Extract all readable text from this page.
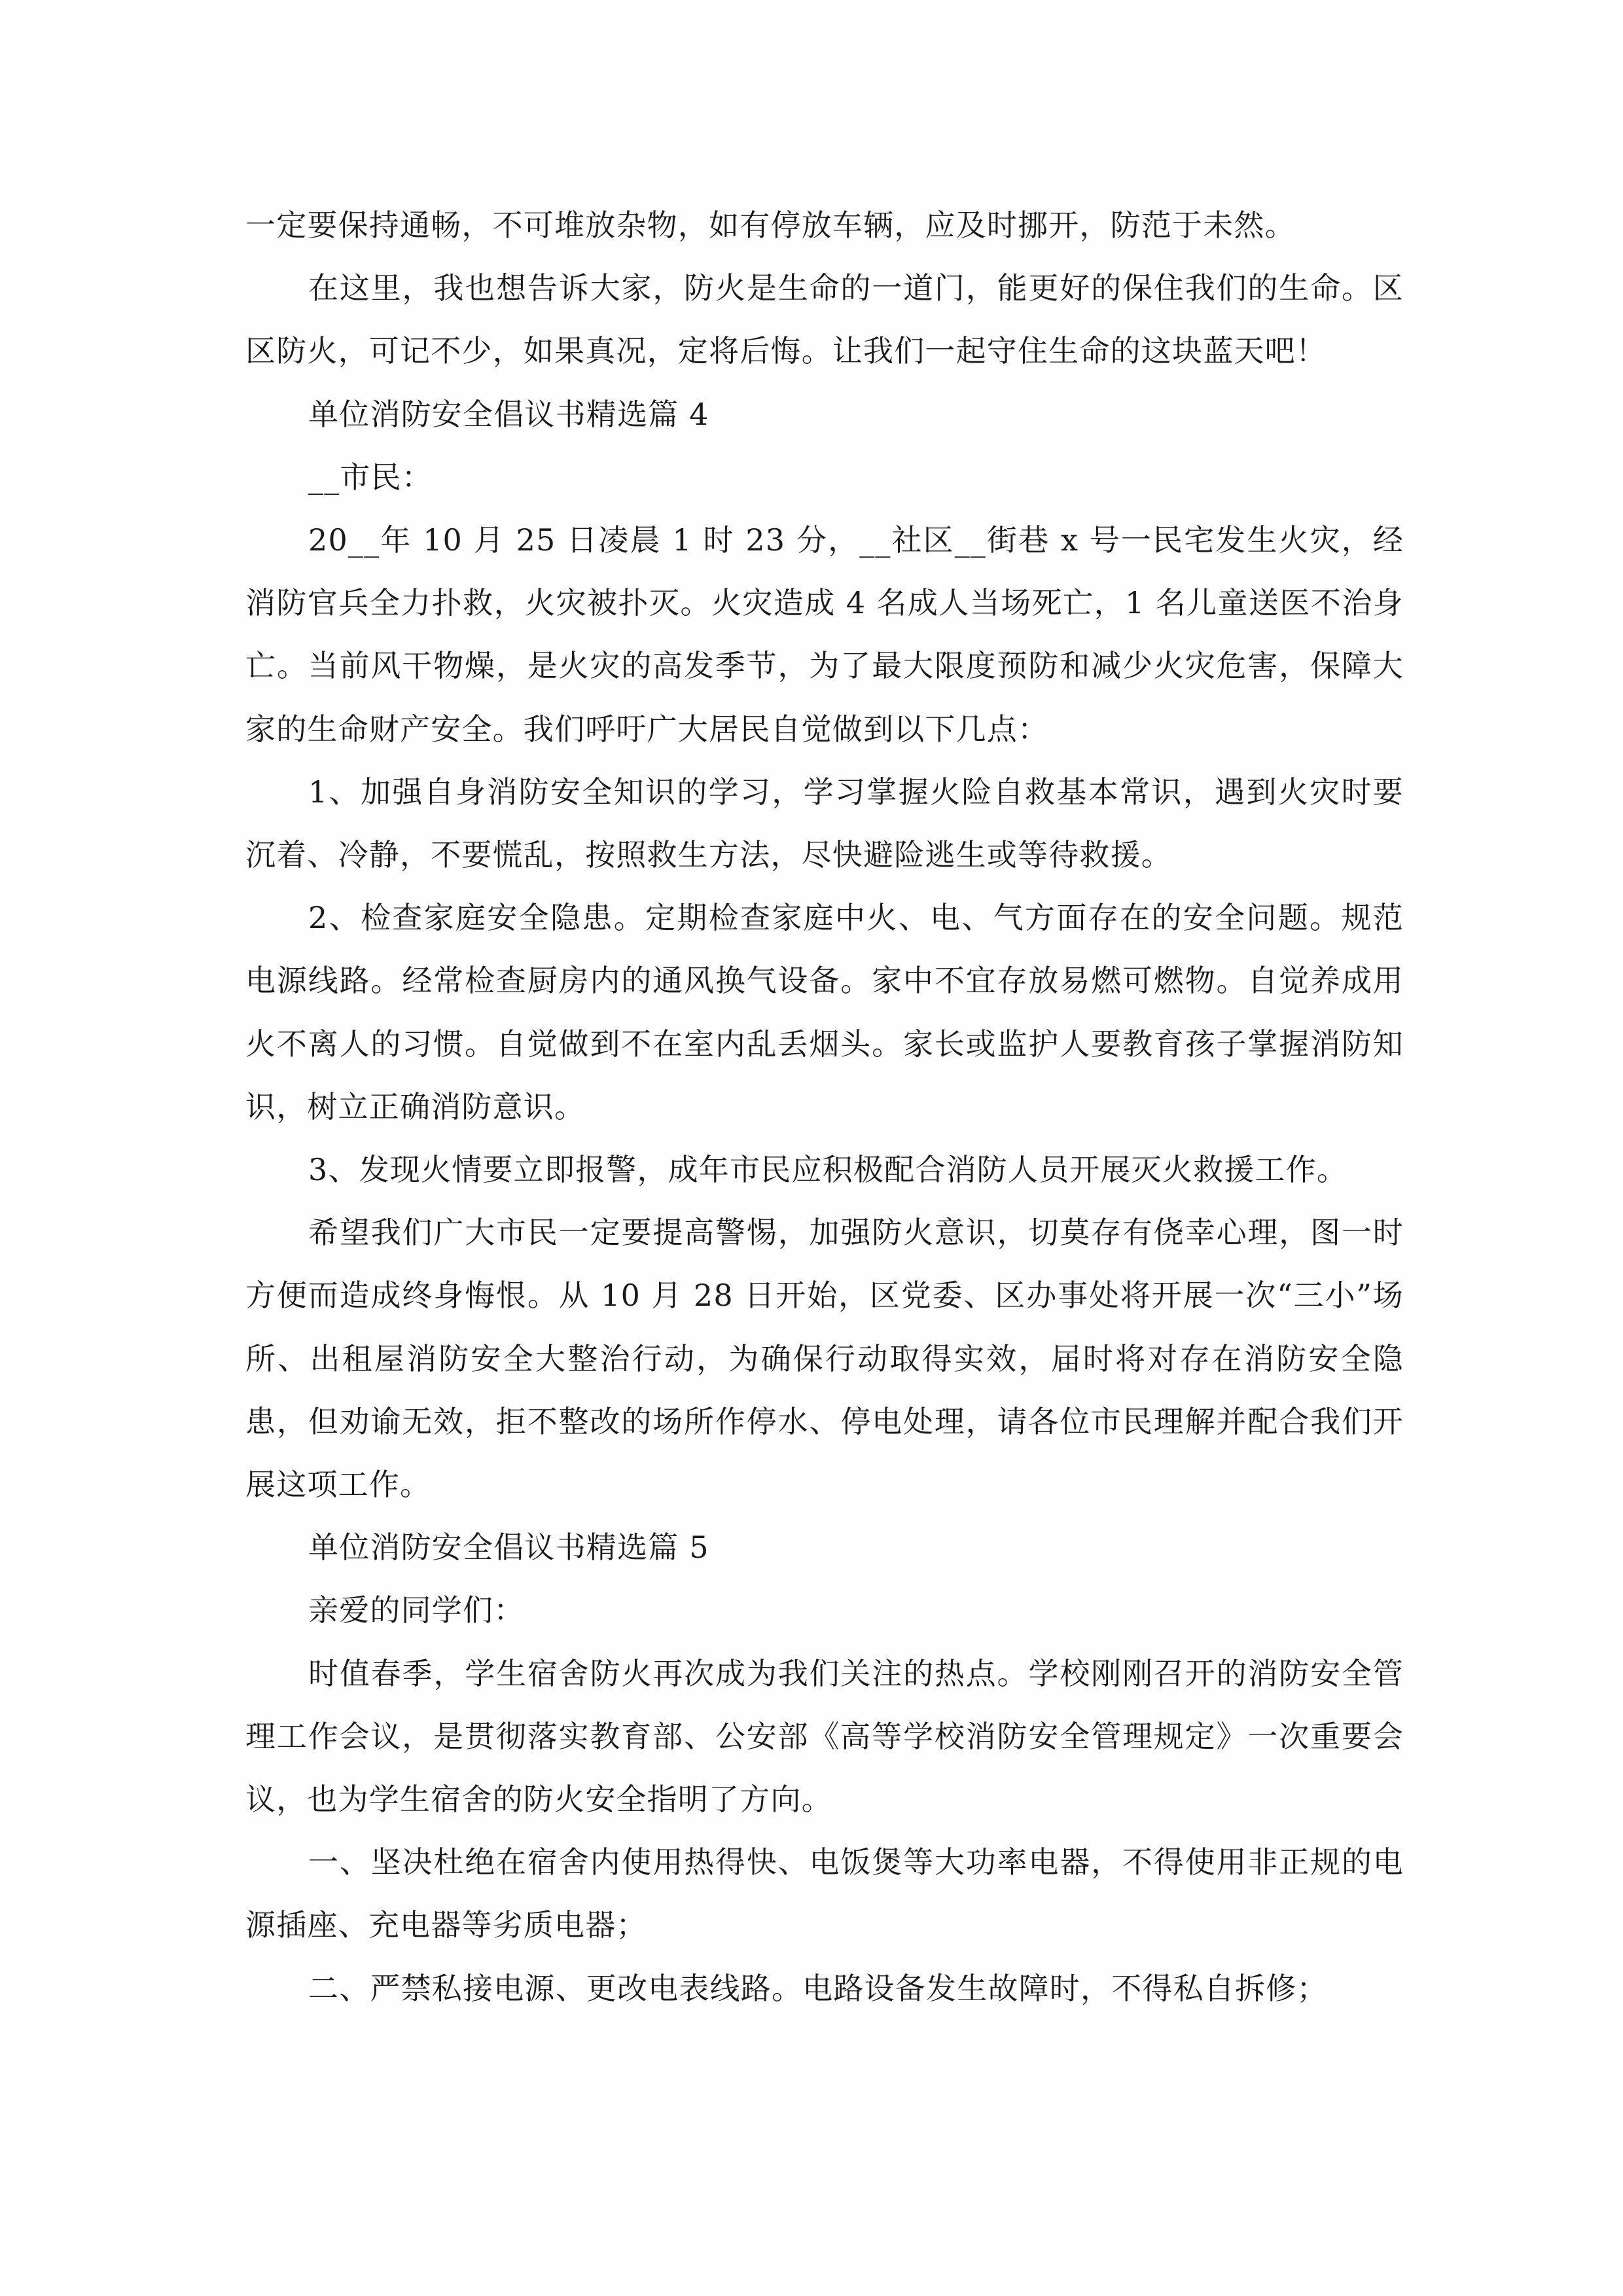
一定要保持通畅，不可堆放杂物，如有停放车辆，应及时挪开，防范于未然。

在这里，我也想告诉大家，防火是生命的一道门，能更好的保住我们的生命。区区防火，可记不少，如果真况，定将后悔。让我们一起守住生命的这块蓝天吧！

单位消防安全倡议书精选篇 4

__市民：

20__年 10 月 25 日凌晨 1 时 23 分，__社区__街巷 x 号一民宅发生火灾，经消防官兵全力扑救，火灾被扑灭。火灾造成 4 名成人当场死亡，1 名儿童送医不治身亡。当前风干物燥，是火灾的高发季节，为了最大限度预防和减少火灾危害，保障大家的生命财产安全。我们呼吁广大居民自觉做到以下几点：

1、加强自身消防安全知识的学习，学习掌握火险自救基本常识，遇到火灾时要沉着、冷静，不要慌乱，按照救生方法，尽快避险逃生或等待救援。

2、检查家庭安全隐患。定期检查家庭中火、电、气方面存在的安全问题。规范电源线路。经常检查厨房内的通风换气设备。家中不宜存放易燃可燃物。自觉养成用火不离人的习惯。自觉做到不在室内乱丢烟头。家长或监护人要教育孩子掌握消防知识，树立正确消防意识。

3、发现火情要立即报警，成年市民应积极配合消防人员开展灭火救援工作。

希望我们广大市民一定要提高警惕，加强防火意识，切莫存有侥幸心理，图一时方便而造成终身悔恨。从 10 月 28 日开始，区党委、区办事处将开展一次“三小”场所、出租屋消防安全大整治行动，为确保行动取得实效，届时将对存在消防安全隐患，但劝谕无效，拒不整改的场所作停水、停电处理，请各位市民理解并配合我们开展这项工作。

单位消防安全倡议书精选篇 5

亲爱的同学们：

时值春季，学生宿舍防火再次成为我们关注的热点。学校刚刚召开的消防安全管理工作会议，是贯彻落实教育部、公安部《高等学校消防安全管理规定》一次重要会议，也为学生宿舍的防火安全指明了方向。

一、坚决杜绝在宿舍内使用热得快、电饭煲等大功率电器，不得使用非正规的电源插座、充电器等劣质电器；

二、严禁私接电源、更改电表线路。电路设备发生故障时，不得私自拆修；
